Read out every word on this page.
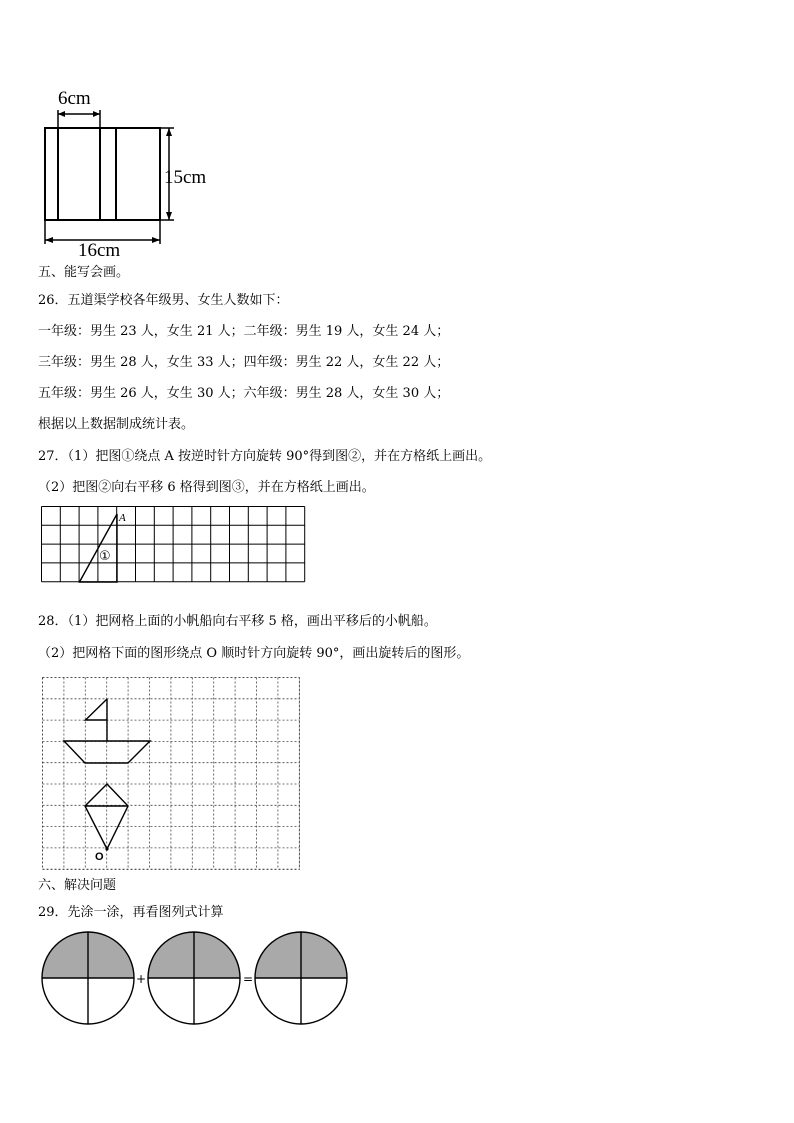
6cm
15cm
16cm
五、能写会画。
26．五道渠学校各年级男、女生人数如下：
一年级：男生 23 人，女生 21 人；二年级：男生 19 人，女生 24 人；
三年级：男生 28 人，女生 33 人；四年级：男生 22 人，女生 22 人；
五年级：男生 26 人，女生 30 人；六年级：男生 28 人，女生 30 人；
根据以上数据制成统计表。
27．（1）把图①绕点 A 按逆时针方向旋转 90°得到图②，并在方格纸上画出。
（2）把图②向右平移 6 格得到图③，并在方格纸上画出。
A
①
28．（1）把网格上面的小帆船向右平移 5 格，画出平移后的小帆船。
（2）把网格下面的图形绕点 O 顺时针方向旋转 90°，画出旋转后的图形。
O
六、解决问题
29．先涂一涂，再看图列式计算
+	=
